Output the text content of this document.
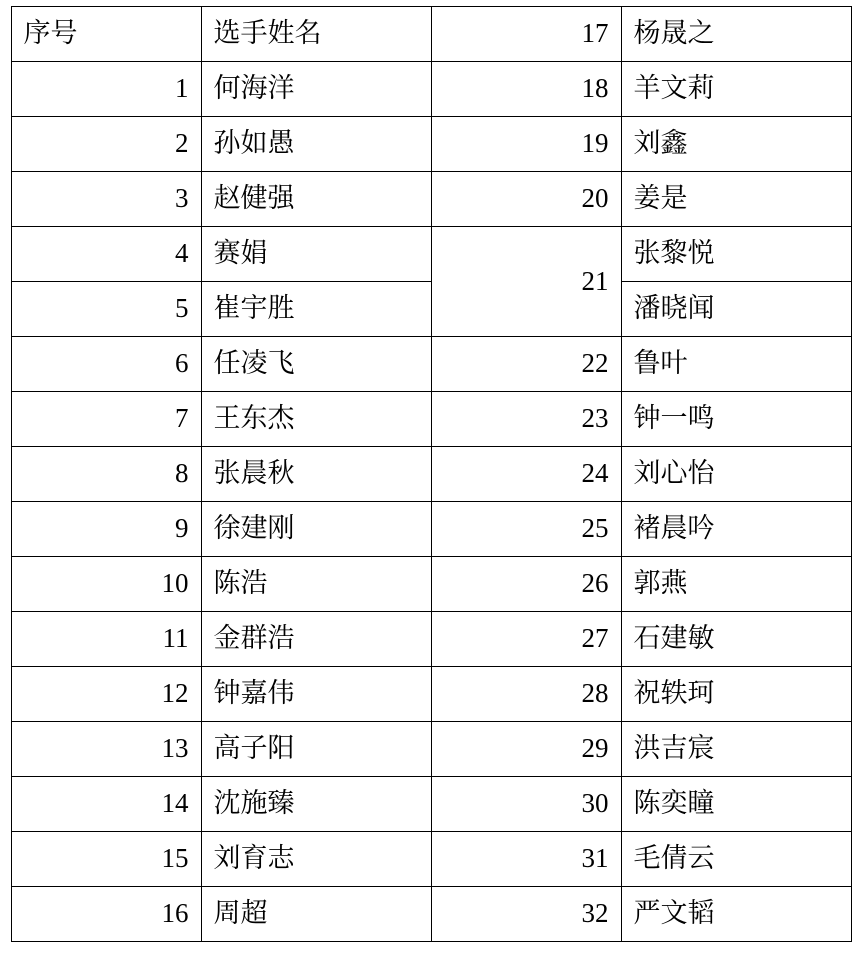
序号	选手姓名	17	杨晟之
1	何海洋	18	羊文莉
2	孙如愚	19	刘鑫
3	赵健强	20	姜是
4	赛娟	21	张黎悦
5	崔宇胜		潘晓闻
6	任凌飞	22	鲁叶
7	王东杰	23	钟一鸣
8	张晨秋	24	刘心怡
9	徐建刚	25	褚晨吟
10	陈浩	26	郭燕
11	金群浩	27	石建敏
12	钟嘉伟	28	祝轶珂
13	高子阳	29	洪吉宸
14	沈施臻	30	陈奕瞳
15	刘育志	31	毛倩云
16	周超	32	严文韬
